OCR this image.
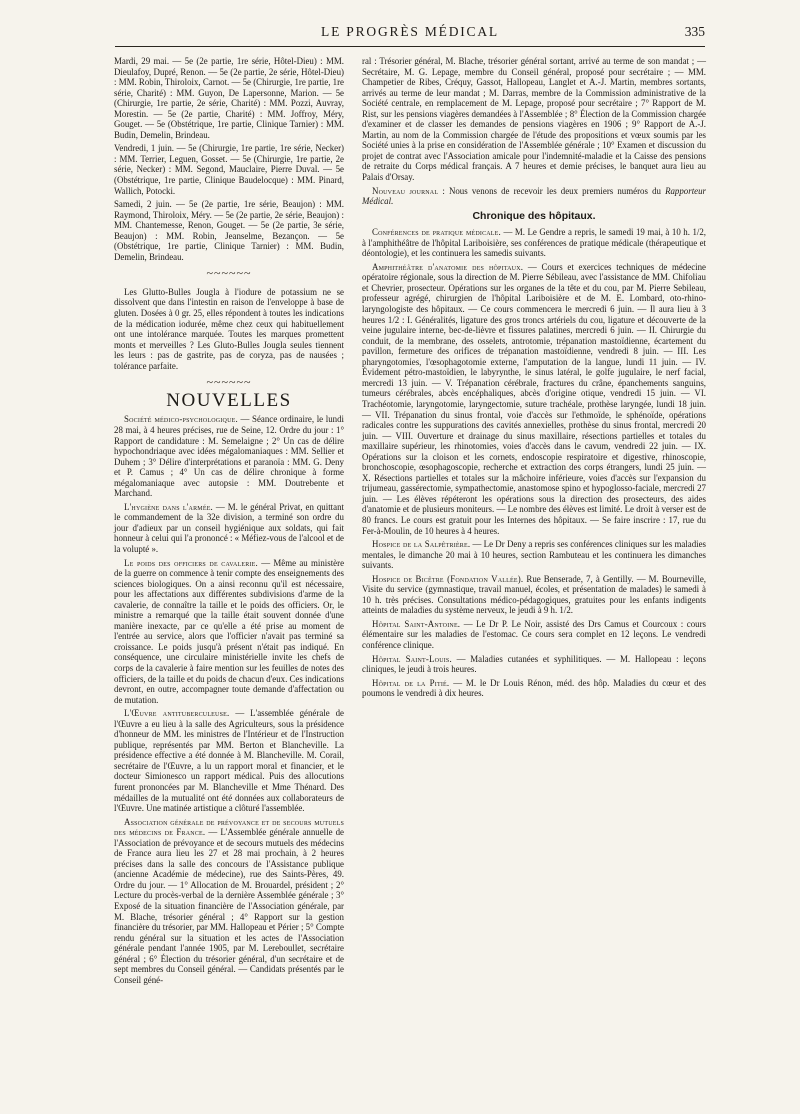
LE PROGRÈS MÉDICAL	335

Mardi, 29 mai. — 5e (2e partie, 1re série, Hôtel-Dieu) : MM. Dieulafoy, Dupré, Renon. — 5e (2e partie, 2e série, Hôtel-Dieu) : MM. Robin, Thiroloix, Carnot. — 5e (Chirurgie, 1re partie, 1re série, Charité) : MM. Guyon, De Lapersonne, Marion. — 5e (Chirurgie, 1re partie, 2e série, Charité) : MM. Pozzi, Auvray, Morestin. — 5e (2e partie, Charité) : MM. Joffroy, Méry, Gouget. — 5e (Obstétrique, 1re partie, Clinique Tarnier) : MM. Budin, Demelin, Brindeau.

Vendredi, 1 juin. — 5e (Chirurgie, 1re partie, 1re série, Necker) : MM. Terrier, Leguen, Gosset. — 5e (Chirurgie, 1re partie, 2e série, Necker) : MM. Segond, Mauclaire, Pierre Duval. — 5e (Obstétrique, 1re partie, Clinique Baudelocque) : MM. Pinard, Wallich, Potocki.

Samedi, 2 juin. — 5e (2e partie, 1re série, Beaujon) : MM. Raymond, Thiroloix, Méry. — 5e (2e partie, 2e série, Beaujon) : MM. Chantemesse, Renon, Gouget. — 5e (2e partie, 3e série, Beaujon) : MM. Robin, Jeanselme, Bezançon. — 5e (Obstétrique, 1re partie, Clinique Tarnier) : MM. Budin, Demelin, Brindeau.

~~~~~~

Les Glutto-Bulles Jougla à l'iodure de potassium ne se dissolvent que dans l'intestin en raison de l'enveloppe à base de gluten. Dosées à 0 gr. 25, elles répondent à toutes les indications de la médication iodurée, même chez ceux qui habituellement ont une intolérance marquée. Toutes les marques promettent monts et merveilles ? Les Gluto-Bulles Jougla seules tiennent les leurs : pas de gastrite, pas de coryza, pas de nausées ; tolérance parfaite.

~~~~~~
NOUVELLES

Société médico-psychologique. — Séance ordinaire, le lundi 28 mai, à 4 heures précises, rue de Seine, 12. Ordre du jour : 1° Rapport de candidature : M. Semelaigne ; 2° Un cas de délire hypochondriaque avec idées mégalomaniaques : MM. Sellier et Duhem ; 3° Délire d'interprétations et paranoïa : MM. G. Deny et P. Camus ; 4° Un cas de délire chronique à forme mégalomaniaque avec autopsie : MM. Doutrebente et Marchand.

L'hygiène dans l'armée. — M. le général Privat, en quittant le commandement de la 32e division, a terminé son ordre du jour d'adieux par un conseil hygiénique aux soldats, qui fait honneur à celui qui l'a prononcé : « Méfiez-vous de l'alcool et de la volupté ».

Le poids des officiers de cavalerie. — Même au ministère de la guerre on commence à tenir compte des enseignements des sciences biologiques. On a ainsi reconnu qu'il est nécessaire, pour les affectations aux différentes subdivisions d'arme de la cavalerie, de connaître la taille et le poids des officiers. Or, le ministre a remarqué que la taille était souvent donnée d'une manière inexacte, par ce qu'elle a été prise au moment de l'entrée au service, alors que l'officier n'avait pas terminé sa croissance. Le poids jusqu'à présent n'était pas indiqué. En conséquence, une circulaire ministérielle invite les chefs de corps de la cavalerie à faire mention sur les feuilles de notes des officiers, de la taille et du poids de chacun d'eux. Ces indications devront, en outre, accompagner toute demande d'affectation ou de mutation.

L'Œuvre antituberculeuse. — L'assemblée générale de l'Œuvre a eu lieu à la salle des Agriculteurs, sous la présidence d'honneur de MM. les ministres de l'Intérieur et de l'Instruction publique, représentés par MM. Berton et Blancheville. La présidence effective a été donnée à M. Blancheville. M. Corail, secrétaire de l'Œuvre, a lu un rapport moral et financier, et le docteur Simionesco un rapport médical. Puis des allocutions furent prononcées par M. Blancheville et Mme Thénard. Des médailles de la mutualité ont été données aux collaborateurs de l'Œuvre. Une matinée artistique a clôturé l'assemblée.

Association générale de prévoyance et de secours mutuels des médecins de France. — L'Assemblée générale annuelle de l'Association de prévoyance et de secours mutuels des médecins de France aura lieu les 27 et 28 mai prochain, à 2 heures précises dans la salle des concours de l'Assistance publique (ancienne Académie de médecine), rue des Saints-Pères, 49. Ordre du jour. — 1° Allocation de M. Brouardel, président ; 2° Lecture du procès-verbal de la dernière Assemblée générale ; 3° Exposé de la situation financière de l'Association générale, par M. Blache, trésorier général ; 4° Rapport sur la gestion financière du trésorier, par MM. Hallopeau et Périer ; 5° Compte rendu général sur la situation et les actes de l'Association générale pendant l'année 1905, par M. Lereboullet, secrétaire général ; 6° Élection du trésorier général, d'un secrétaire et de sept membres du Conseil général. — Candidats présentés par le Conseil géné-

ral : Trésorier général, M. Blache, trésorier général sortant, arrivé au terme de son mandat ; — Secrétaire, M. G. Lepage, membre du Conseil général, proposé pour secrétaire ; — MM. Champetier de Ribes, Créquy, Gassot, Hallopeau, Langlet et A.-J. Martin, membres sortants, arrivés au terme de leur mandat ; M. Darras, membre de la Commission administrative de la Société centrale, en remplacement de M. Lepage, proposé pour secrétaire ; 7° Rapport de M. Rist, sur les pensions viagères demandées à l'Assemblée ; 8° Élection de la Commission chargée d'examiner et de classer les demandes de pensions viagères en 1906 ; 9° Rapport de A.-J. Martin, au nom de la Commission chargée de l'étude des propositions et vœux soumis par les Société unies à la prise en considération de l'Assemblée générale ; 10° Examen et discussion du projet de contrat avec l'Association amicale pour l'indemnité-maladie et la Caisse des pensions de retraite du Corps médical français. A 7 heures et demie précises, le banquet aura lieu au Palais d'Orsay.

Nouveau journal : Nous venons de recevoir les deux premiers numéros du Rapporteur Médical.

Chronique des hôpitaux.

Conférences de pratique médicale. — M. Le Gendre a repris, le samedi 19 mai, à 10 h. 1/2, à l'amphithéâtre de l'hôpital Lariboisière, ses conférences de pratique médicale (thérapeutique et déontologie), et les continuera les samedis suivants.

Amphithéâtre d'anatomie des hôpitaux. — Cours et exercices techniques de médecine opératoire régionale, sous la direction de M. Pierre Sébileau, avec l'assistance de MM. Chifoliau et Chevrier, prosecteur. Opérations sur les organes de la tête et du cou, par M. Pierre Sebileau, professeur agrégé, chirurgien de l'hôpital Lariboisière et de M. E. Lombard, oto-rhino-laryngologiste des hôpitaux. — Ce cours commencera le mercredi 6 juin. — Il aura lieu à 3 heures 1/2 : I. Généralités, ligature des gros troncs artériels du cou, ligature et découverte de la veine jugulaire interne, bec-de-lièvre et fissures palatines, mercredi 6 juin. — II. Chirurgie du conduit, de la membrane, des osselets, antrotomie, trépanation mastoïdienne, écartement du pavillon, fermeture des orifices de trépanation mastoïdienne, vendredi 8 juin. — III. Les pharyngotomies, l'œsophagotomie externe, l'amputation de la langue, lundi 11 juin. — IV. Évidement pétro-mastoïdien, le labyrynthe, le sinus latéral, le golfe jugulaire, le nerf facial, mercredi 13 juin. — V. Trépanation cérébrale, fractures du crâne, épanchements sanguins, tumeurs cérébrales, abcès encéphaliques, abcès d'origine otique, vendredi 15 juin. — VI. Trachéotomie, laryngotomie, laryngectomie, suture trachéale, prothèse laryngée, lundi 18 juin. — VII. Trépanation du sinus frontal, voie d'accès sur l'ethmoïde, le sphénoïde, opérations radicales contre les suppurations des cavités annexielles, prothèse du sinus frontal, mercredi 20 juin. — VIII. Ouverture et drainage du sinus maxillaire, résections partielles et totales du maxillaire supérieur, les rhinotomies, voies d'accès dans le cavum, vendredi 22 juin. — IX. Opérations sur la cloison et les cornets, endoscopie respiratoire et digestive, rhinoscopie, bronchoscopie, œsophagoscopie, recherche et extraction des corps étrangers, lundi 25 juin. — X. Résections partielles et totales sur la mâchoire inférieure, voies d'accès sur l'expansion du trijumeau, gassérectomie, sympathectomie, anastomose spino et hypoglosso-faciale, mercredi 27 juin. — Les élèves répéteront les opérations sous la direction des prosecteurs, des aides d'anatomie et de plusieurs moniteurs. — Le nombre des élèves est limité. Le droit à verser est de 80 francs. Le cours est gratuit pour les Internes des hôpitaux. — Se faire inscrire : 17, rue du Fer-à-Moulin, de 10 heures à 4 heures.

Hospice de la Salpêtrière. — Le Dr Deny a repris ses conférences cliniques sur les maladies mentales, le dimanche 20 mai à 10 heures, section Rambuteau et les continuera les dimanches suivants.

Hospice de Bicêtre (Fondation Vallée). Rue Benserade, 7, à Gentilly. — M. Bourneville, Visite du service (gymnastique, travail manuel, écoles, et présentation de malades) le samedi à 10 h. très précises. Consultations médico-pédagogiques, gratuites pour les enfants indigents atteints de maladies du système nerveux, le jeudi à 9 h. 1/2.

Hôpital Saint-Antoine. — Le Dr P. Le Noir, assisté des Drs Camus et Courcoux : cours élémentaire sur les maladies de l'estomac. Ce cours sera complet en 12 leçons. Le vendredi conférence clinique.

Hôpital Saint-Louis. — Maladies cutanées et syphilitiques. — M. Hallopeau : leçons cliniques, le jeudi à trois heures.

Hôpital de la Pitié. — M. le Dr Louis Rénon, méd. des hôp. Maladies du cœur et des poumons le vendredi à dix heures.
